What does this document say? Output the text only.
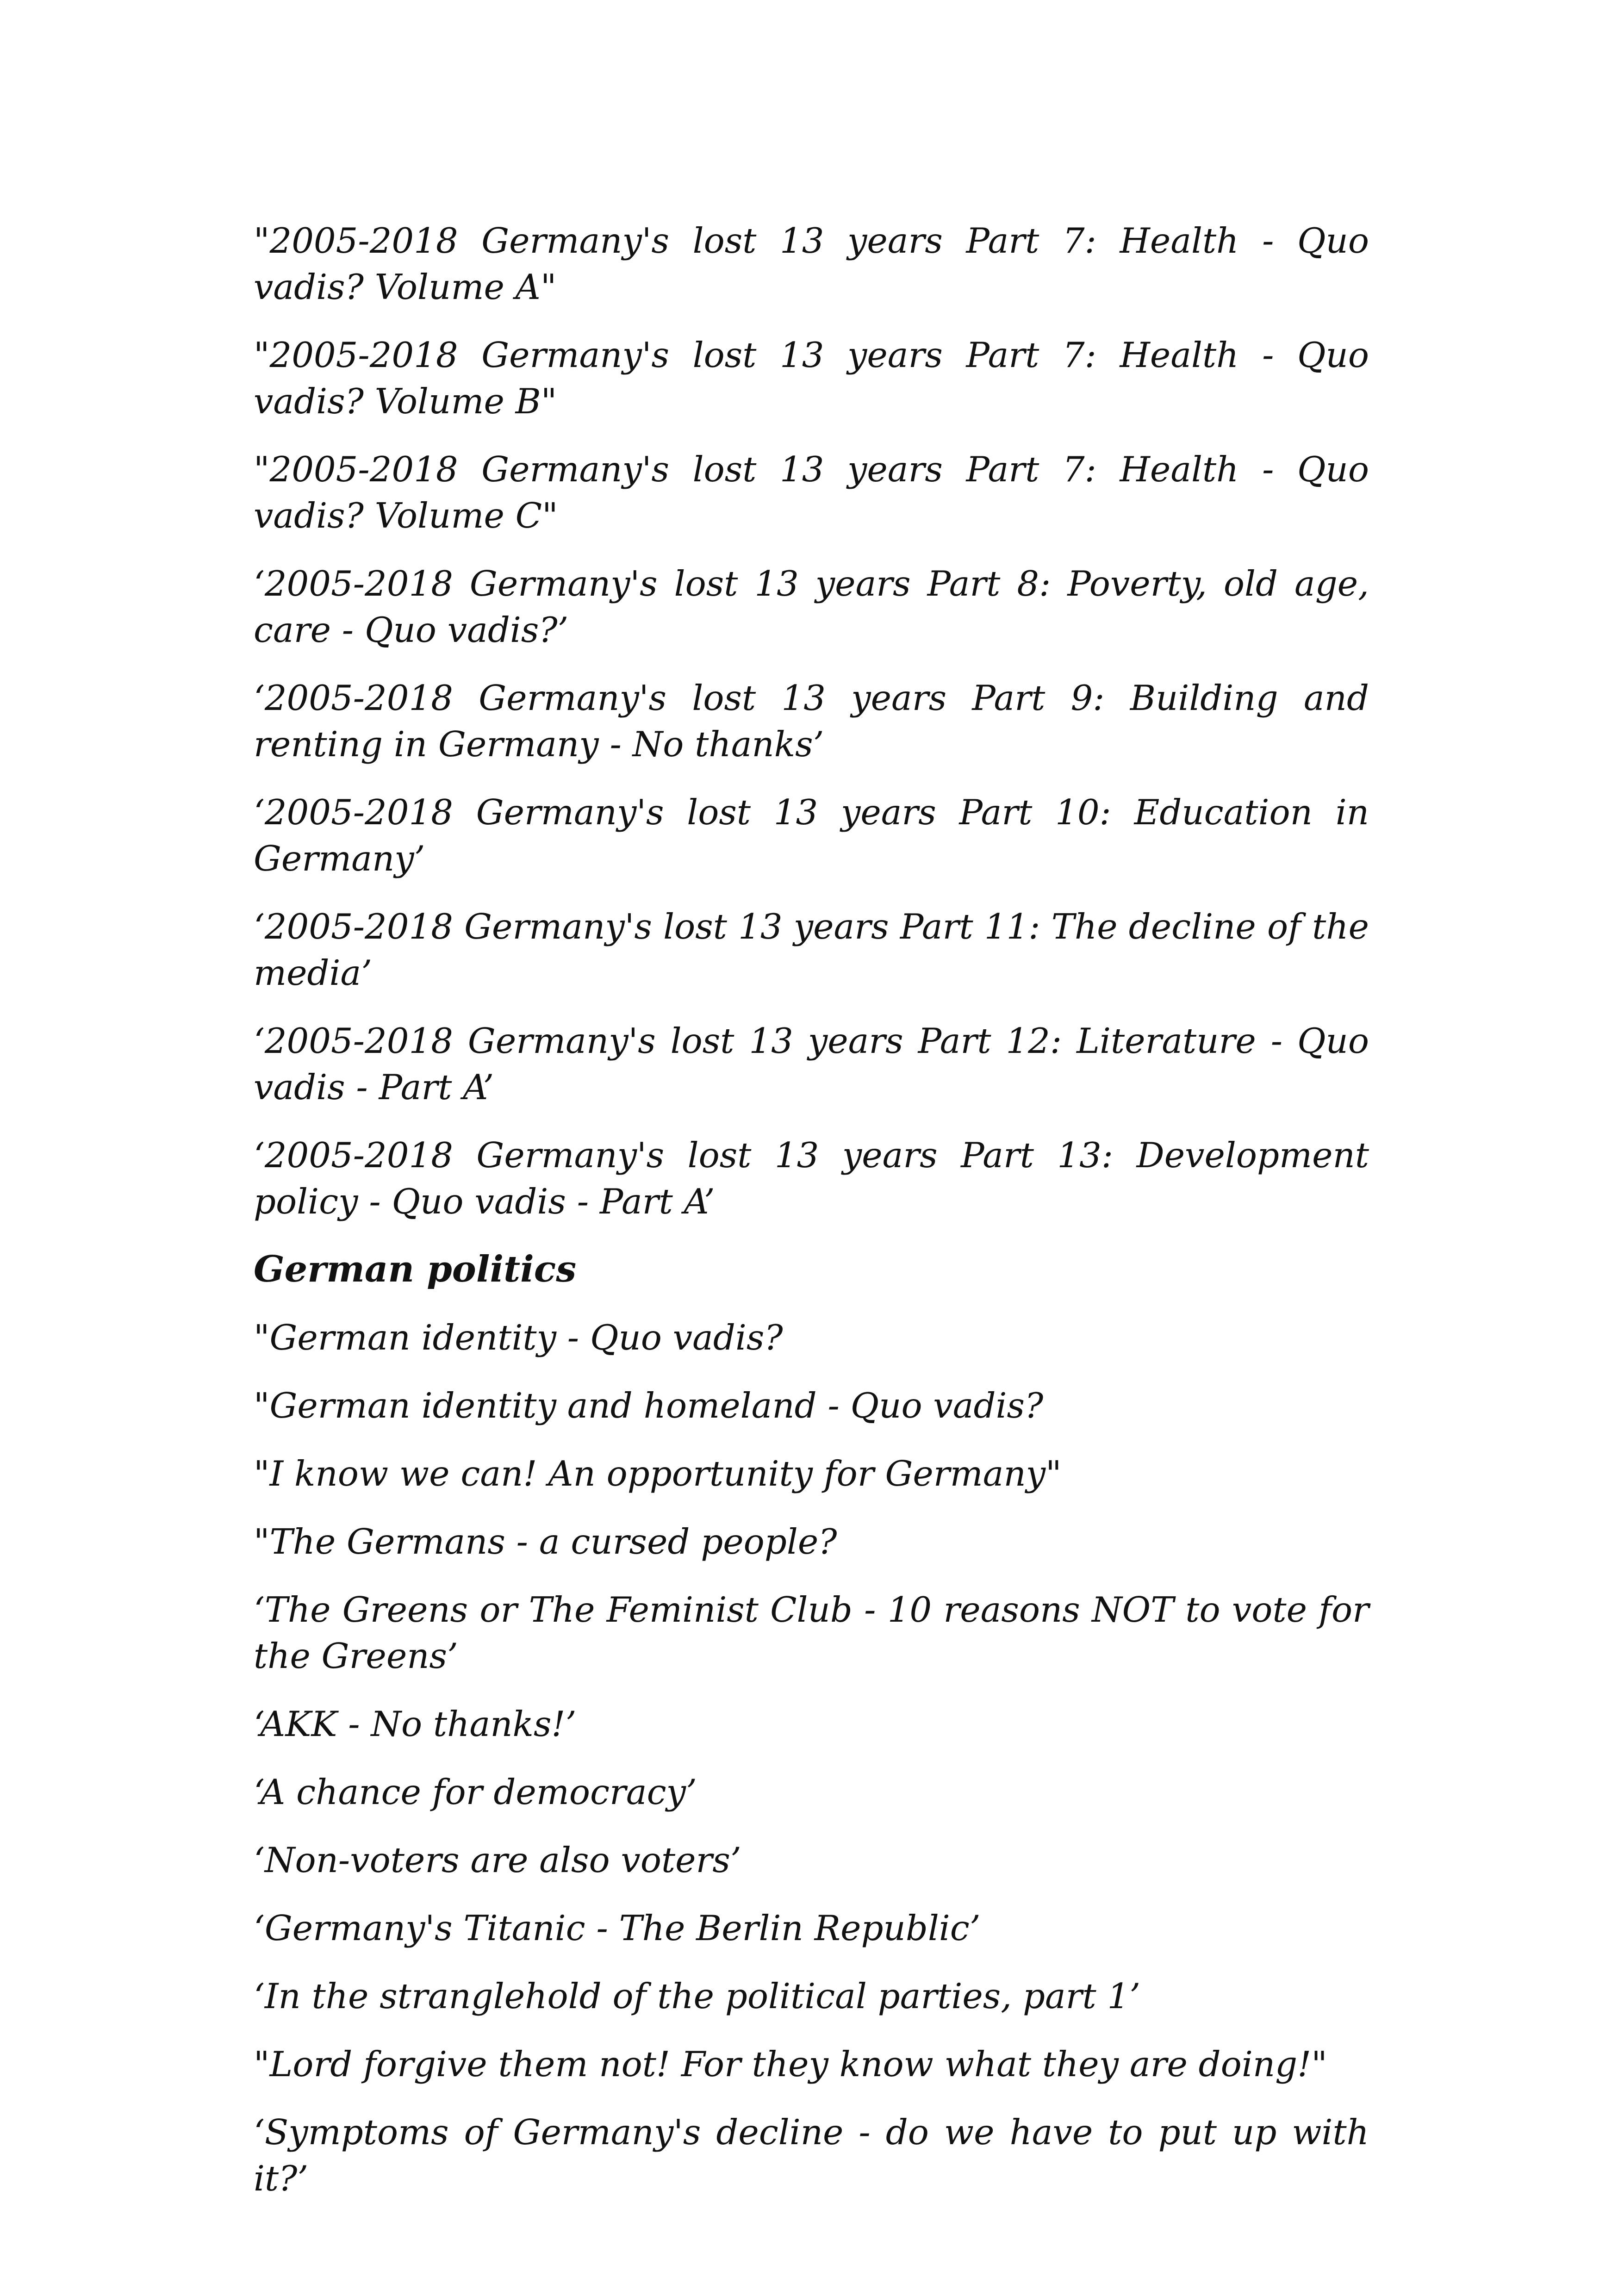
"2005-2018 Germany's lost 13 years Part 7: Health - Quo vadis? Volume A"

"2005-2018 Germany's lost 13 years Part 7: Health - Quo vadis? Volume B"

"2005-2018 Germany's lost 13 years Part 7: Health - Quo vadis? Volume C"

‘2005-2018 Germany's lost 13 years Part 8: Poverty, old age, care - Quo vadis?’

‘2005-2018 Germany's lost 13 years Part 9: Building and renting in Germany - No thanks’

‘2005-2018 Germany's lost 13 years Part 10: Education in Germany’

‘2005-2018 Germany's lost 13 years Part 11: The decline of the media’

‘2005-2018 Germany's lost 13 years Part 12: Literature - Quo vadis - Part A’

‘2005-2018 Germany's lost 13 years Part 13: Development policy - Quo vadis - Part A’

German politics

"German identity - Quo vadis?

"German identity and homeland - Quo vadis?

"I know we can! An opportunity for Germany"

"The Germans - a cursed people?

‘The Greens or The Feminist Club - 10 reasons NOT to vote for the Greens’

‘AKK - No thanks!’

‘A chance for democracy’

‘Non-voters are also voters’

‘Germany's Titanic - The Berlin Republic’

‘In the stranglehold of the political parties, part 1’

"Lord forgive them not! For they know what they are doing!"

‘Symptoms of Germany's decline - do we have to put up with it?’
